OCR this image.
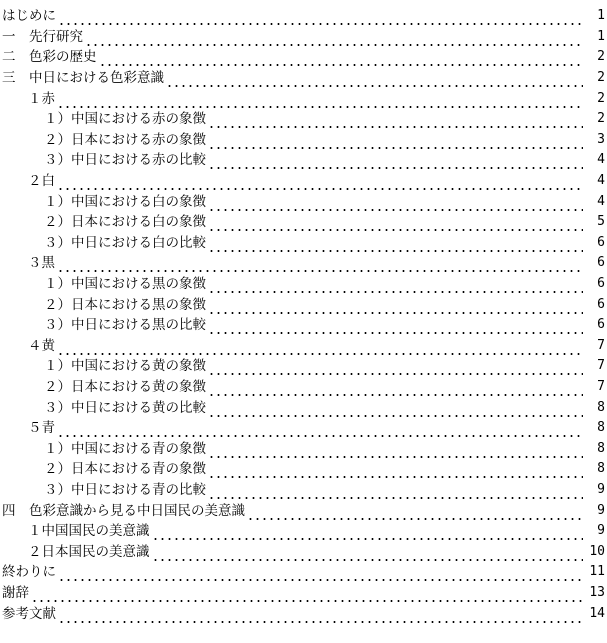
はじめに	1
一　先行研究	1
二　色彩の歴史	2
三　中日における色彩意識	2
１赤	2
１）中国における赤の象徴	2
２）日本における赤の象徴	3
３）中日における赤の比較	4
２白	4
１）中国における白の象徴	4
２）日本における白の象徴	5
３）中日における白の比較	6
３黒	6
１）中国における黒の象徴	6
２）日本における黒の象徴	6
３）中日における黒の比較	6
４黄	7
１）中国における黄の象徴	7
２）日本における黄の象徴	7
３）中日における黄の比較	8
５青	8
１）中国における青の象徴	8
２）日本における青の象徴	8
３）中日における青の比較	9
四　色彩意識から見る中日国民の美意識	9
１中国国民の美意識	9
２日本国民の美意識	10
終わりに	11
謝辞	13
参考文献	14
